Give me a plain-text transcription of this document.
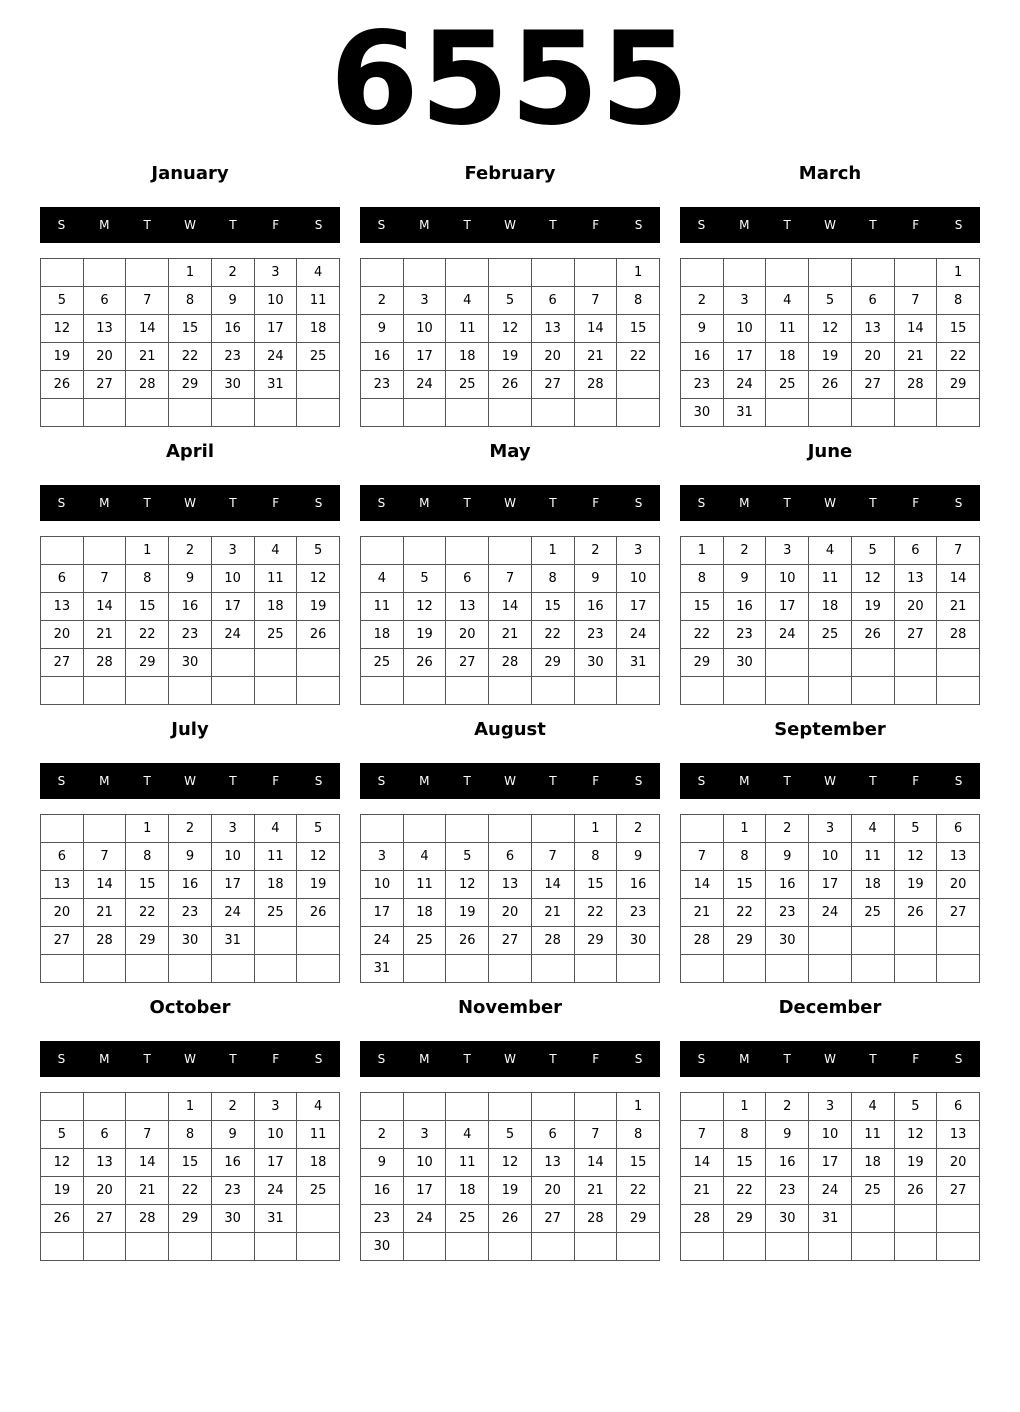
6555
January
S	M	T	W	T	F	S
			1	2	3	4
5	6	7	8	9	10	11
12	13	14	15	16	17	18
19	20	21	22	23	24	25
26	27	28	29	30	31	

February
S	M	T	W	T	F	S
						1
2	3	4	5	6	7	8
9	10	11	12	13	14	15
16	17	18	19	20	21	22
23	24	25	26	27	28	

March
S	M	T	W	T	F	S
						1
2	3	4	5	6	7	8
9	10	11	12	13	14	15
16	17	18	19	20	21	22
23	24	25	26	27	28	29
30	31					
April
S	M	T	W	T	F	S
		1	2	3	4	5
6	7	8	9	10	11	12
13	14	15	16	17	18	19
20	21	22	23	24	25	26
27	28	29	30			

May
S	M	T	W	T	F	S
				1	2	3
4	5	6	7	8	9	10
11	12	13	14	15	16	17
18	19	20	21	22	23	24
25	26	27	28	29	30	31

June
S	M	T	W	T	F	S
1	2	3	4	5	6	7
8	9	10	11	12	13	14
15	16	17	18	19	20	21
22	23	24	25	26	27	28
29	30					

July
S	M	T	W	T	F	S
		1	2	3	4	5
6	7	8	9	10	11	12
13	14	15	16	17	18	19
20	21	22	23	24	25	26
27	28	29	30	31		

August
S	M	T	W	T	F	S
					1	2
3	4	5	6	7	8	9
10	11	12	13	14	15	16
17	18	19	20	21	22	23
24	25	26	27	28	29	30
31						
September
S	M	T	W	T	F	S
	1	2	3	4	5	6
7	8	9	10	11	12	13
14	15	16	17	18	19	20
21	22	23	24	25	26	27
28	29	30				

October
S	M	T	W	T	F	S
			1	2	3	4
5	6	7	8	9	10	11
12	13	14	15	16	17	18
19	20	21	22	23	24	25
26	27	28	29	30	31	

November
S	M	T	W	T	F	S
						1
2	3	4	5	6	7	8
9	10	11	12	13	14	15
16	17	18	19	20	21	22
23	24	25	26	27	28	29
30						
December
S	M	T	W	T	F	S
	1	2	3	4	5	6
7	8	9	10	11	12	13
14	15	16	17	18	19	20
21	22	23	24	25	26	27
28	29	30	31			
